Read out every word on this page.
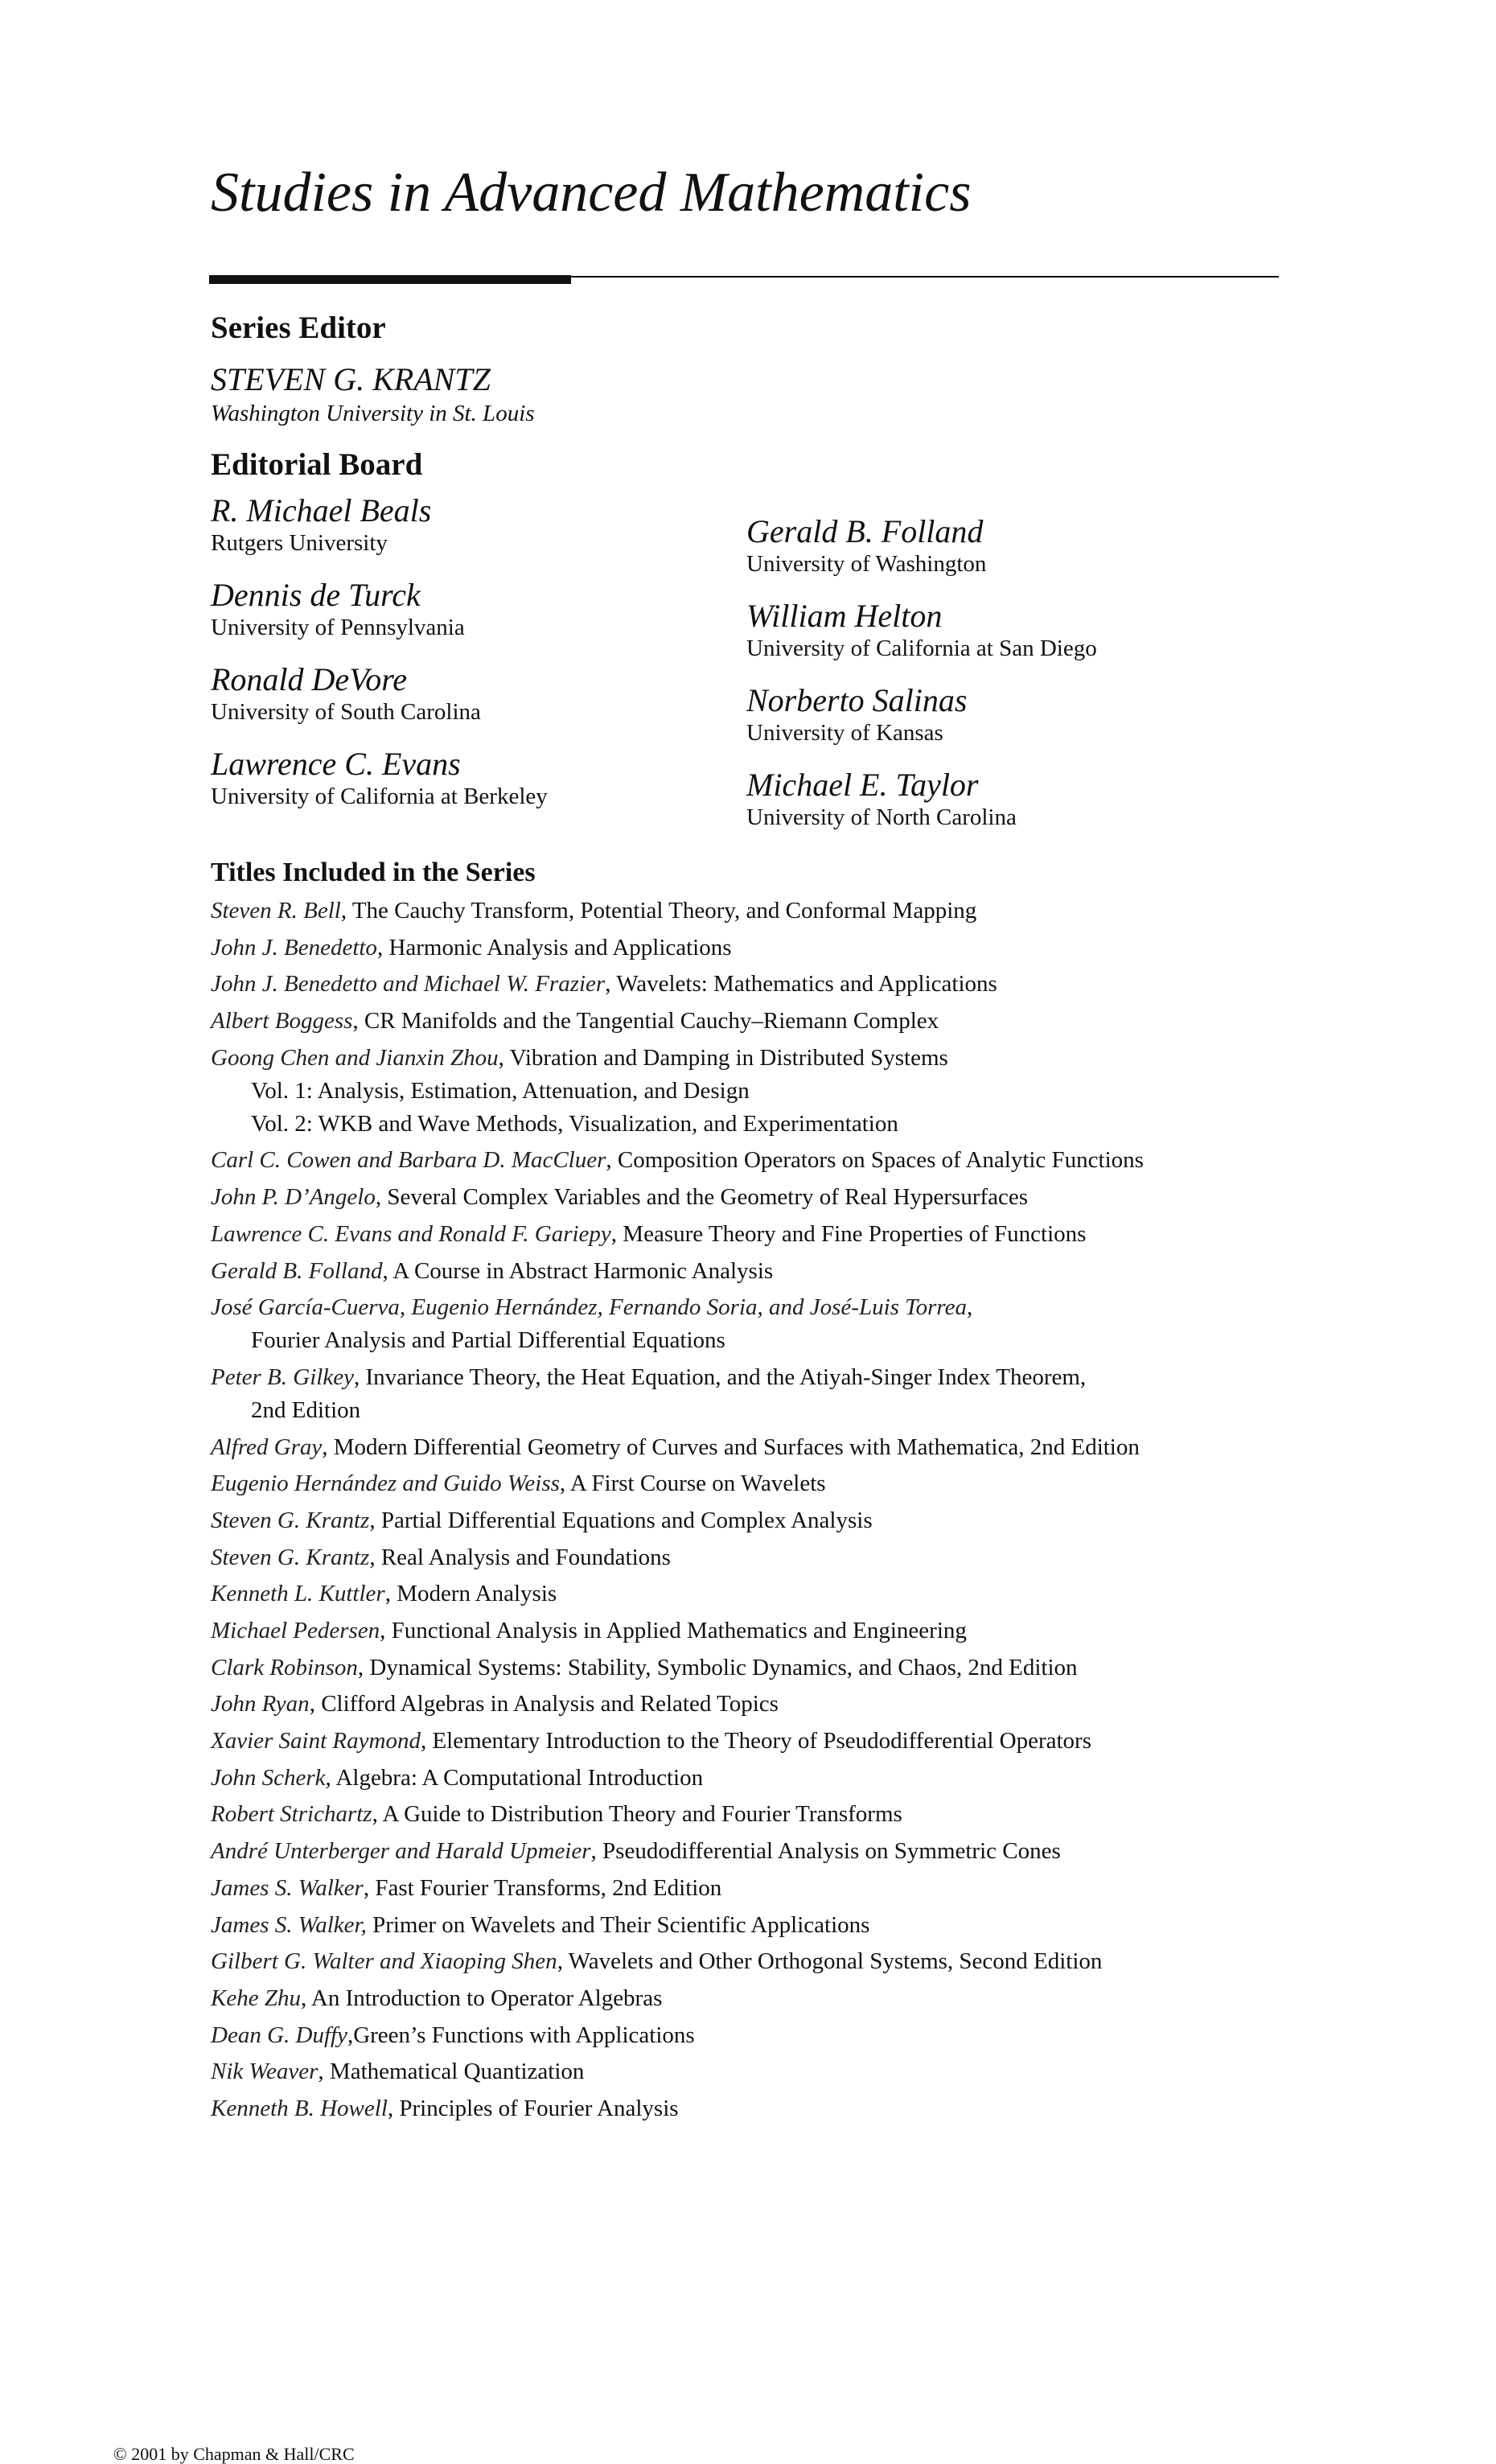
Studies in Advanced Mathematics
Series Editor
STEVEN G. KRANTZ
Washington University in St. Louis
Editorial Board
R. Michael Beals
Rutgers University
Dennis de Turck
University of Pennsylvania
Ronald DeVore
University of South Carolina
Lawrence C. Evans
University of California at Berkeley
Gerald B. Folland
University of Washington
William Helton
University of California at San Diego
Norberto Salinas
University of Kansas
Michael E. Taylor
University of North Carolina
Titles Included in the Series
Steven R. Bell, The Cauchy Transform, Potential Theory, and Conformal Mapping
John J. Benedetto, Harmonic Analysis and Applications
John J. Benedetto and Michael W. Frazier, Wavelets: Mathematics and Applications
Albert Boggess, CR Manifolds and the Tangential Cauchy–Riemann Complex
Goong Chen and Jianxin Zhou, Vibration and Damping in Distributed Systems
Vol. 1: Analysis, Estimation, Attenuation, and Design
Vol. 2: WKB and Wave Methods, Visualization, and Experimentation
Carl C. Cowen and Barbara D. MacCluer, Composition Operators on Spaces of Analytic Functions
John P. D’Angelo, Several Complex Variables and the Geometry of Real Hypersurfaces
Lawrence C. Evans and Ronald F. Gariepy, Measure Theory and Fine Properties of Functions
Gerald B. Folland, A Course in Abstract Harmonic Analysis
José García-Cuerva, Eugenio Hernández, Fernando Soria, and José-Luis Torrea,
Fourier Analysis and Partial Differential Equations
Peter B. Gilkey, Invariance Theory, the Heat Equation, and the Atiyah-Singer Index Theorem,
2nd Edition
Alfred Gray, Modern Differential Geometry of Curves and Surfaces with Mathematica, 2nd Edition
Eugenio Hernández and Guido Weiss, A First Course on Wavelets
Steven G. Krantz, Partial Differential Equations and Complex Analysis
Steven G. Krantz, Real Analysis and Foundations
Kenneth L. Kuttler, Modern Analysis
Michael Pedersen, Functional Analysis in Applied Mathematics and Engineering
Clark Robinson, Dynamical Systems: Stability, Symbolic Dynamics, and Chaos, 2nd Edition
John Ryan, Clifford Algebras in Analysis and Related Topics
Xavier Saint Raymond, Elementary Introduction to the Theory of Pseudodifferential Operators
John Scherk, Algebra: A Computational Introduction
Robert Strichartz, A Guide to Distribution Theory and Fourier Transforms
André Unterberger and Harald Upmeier, Pseudodifferential Analysis on Symmetric Cones
James S. Walker, Fast Fourier Transforms, 2nd Edition
James S. Walker, Primer on Wavelets and Their Scientific Applications
Gilbert G. Walter and Xiaoping Shen, Wavelets and Other Orthogonal Systems, Second Edition
Kehe Zhu, An Introduction to Operator Algebras
Dean G. Duffy,Green’s Functions with Applications
Nik Weaver, Mathematical Quantization
Kenneth B. Howell, Principles of Fourier Analysis
© 2001 by Chapman & Hall/CRC
